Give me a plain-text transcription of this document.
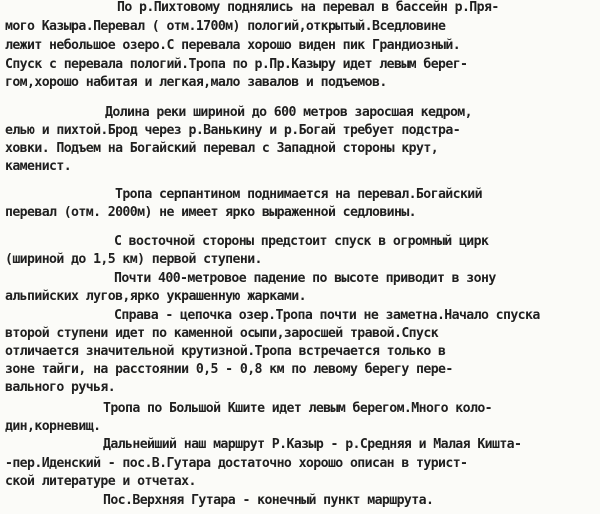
По р.Пихтовому поднялись на перевал в бассейн р.Пря-
мого Казыра.Перевал ( отм.1700м) пологий,открытый.Вседловине
лежит небольшое озеро.С перевала хорошо виден пик Грандиозный.
Спуск с перевала пологий.Тропа по р.Пр.Казыру идет левым берег-
гом,хорошо набитая и легкая,мало завалов и подъемов.
Долина реки шириной до 600 метров заросшая кедром,
елью и пихтой.Брод через р.Ванькину и р.Богай требует подстра-
ховки. Подъем на Богайский перевал с Западной стороны крут,
каменист.
Тропа серпантином поднимается на перевал.Богайский
перевал (отм. 2000м) не имеет ярко выраженной седловины.
С восточной стороны предстоит спуск в огромный цирк
(шириной до 1,5 км) первой ступени.
Почти 400-метровое падение по высоте приводит в зону
альпийских лугов,ярко украшенную жарками.
Справа - цепочка озер.Тропа почти не заметна.Начало спуска
второй ступени идет по каменной осыпи,заросшей травой.Спуск
отличается значительной крутизной.Тропа встречается только в
зоне тайги, на расстоянии 0,5 - 0,8 км по левому берегу пере-
вального ручья.
Тропа по Большой Кшите идет левым берегом.Много коло-
дин,корневищ.
Дальнейший наш маршрут Р.Казыр - р.Средняя и Малая Кишта-
-пер.Иденский - пос.В.Гутара достаточно хорошо описан в турист-
ской литературе и отчетах.
Пос.Верхняя Гутара - конечный пункт маршрута.
